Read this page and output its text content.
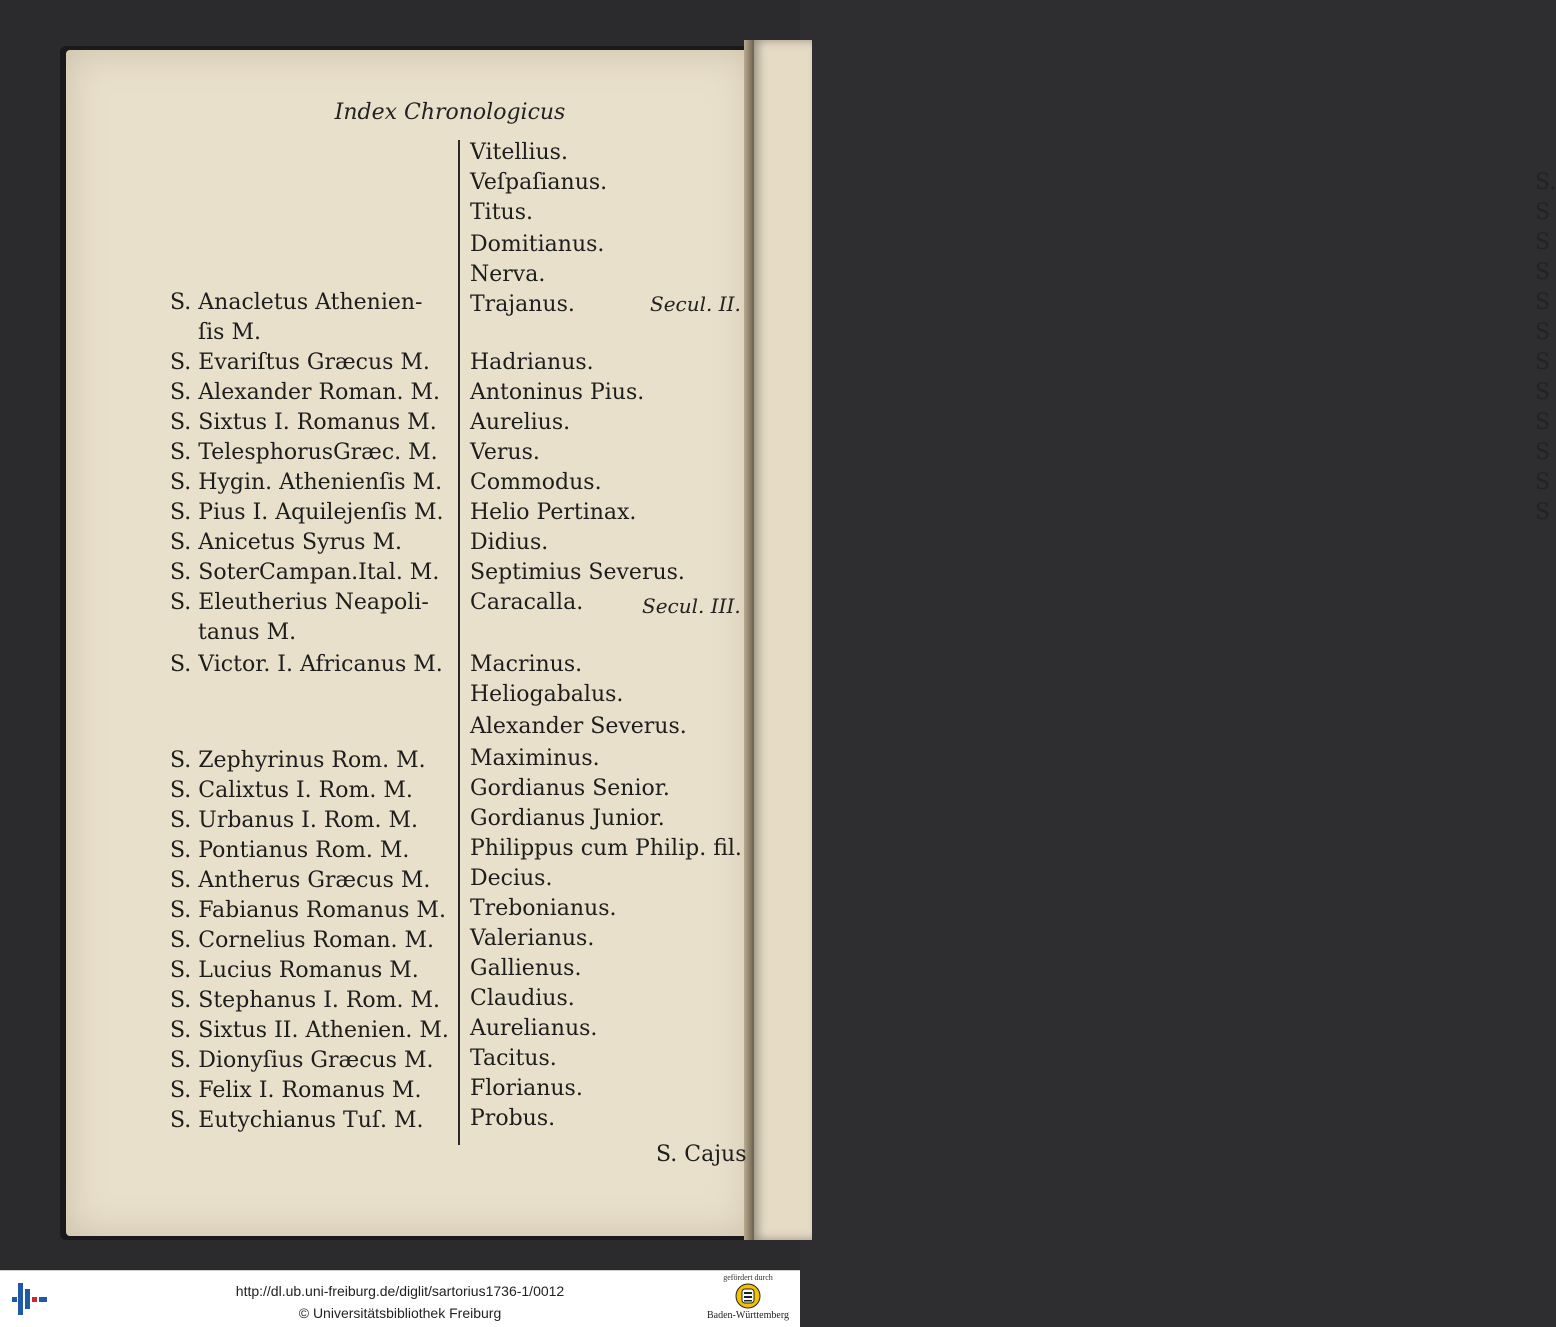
S.
S
S
S
S
S
S
S
S
S
S
S
Index Chronologicus
S. Anacletus Athenien-
ſis M.
S. Evariſtus Græcus M.
S. Alexander Roman. M.
S. Sixtus I. Romanus M.
S. TelesphorusGræc. M.
S. Hygin. Athenienſis M.
S. Pius I. Aquilejenſis M.
S. Anicetus Syrus M.
S. SoterCampan.Ital. M.
S. Eleutherius Neapoli-
tanus M.
S. Victor. I. Africanus M.
S. Zephyrinus Rom. M.
S. Calixtus I. Rom. M.
S. Urbanus I. Rom. M.
S. Pontianus Rom. M.
S. Antherus Græcus M.
S. Fabianus Romanus M.
S. Cornelius Roman. M.
S. Lucius Romanus M.
S. Stephanus I. Rom. M.
S. Sixtus II. Athenien. M.
S. Dionyſius Græcus M.
S. Felix I. Romanus M.
S. Eutychianus Tuſ. M.
Vitellius.
Veſpaſianus.
Titus.
Domitianus.
Nerva.
Trajanus.
Hadrianus.
Antoninus Pius.
Aurelius.
Verus.
Commodus.
Helio Pertinax.
Didius.
Septimius Severus.
Caracalla.
Macrinus.
Heliogabalus.
Alexander Severus.
Maximinus.
Gordianus Senior.
Gordianus Junior.
Philippus cum Philip. fil.
Decius.
Trebonianus.
Valerianus.
Gallienus.
Claudius.
Aurelianus.
Tacitus.
Florianus.
Probus.
Secul. II.
Secul. III.
S. Cajus
http://dl.ub.uni-freiburg.de/diglit/sartorius1736-1/0012
© Universitätsbibliothek Freiburg
gefördert durch
Baden-Württemberg
